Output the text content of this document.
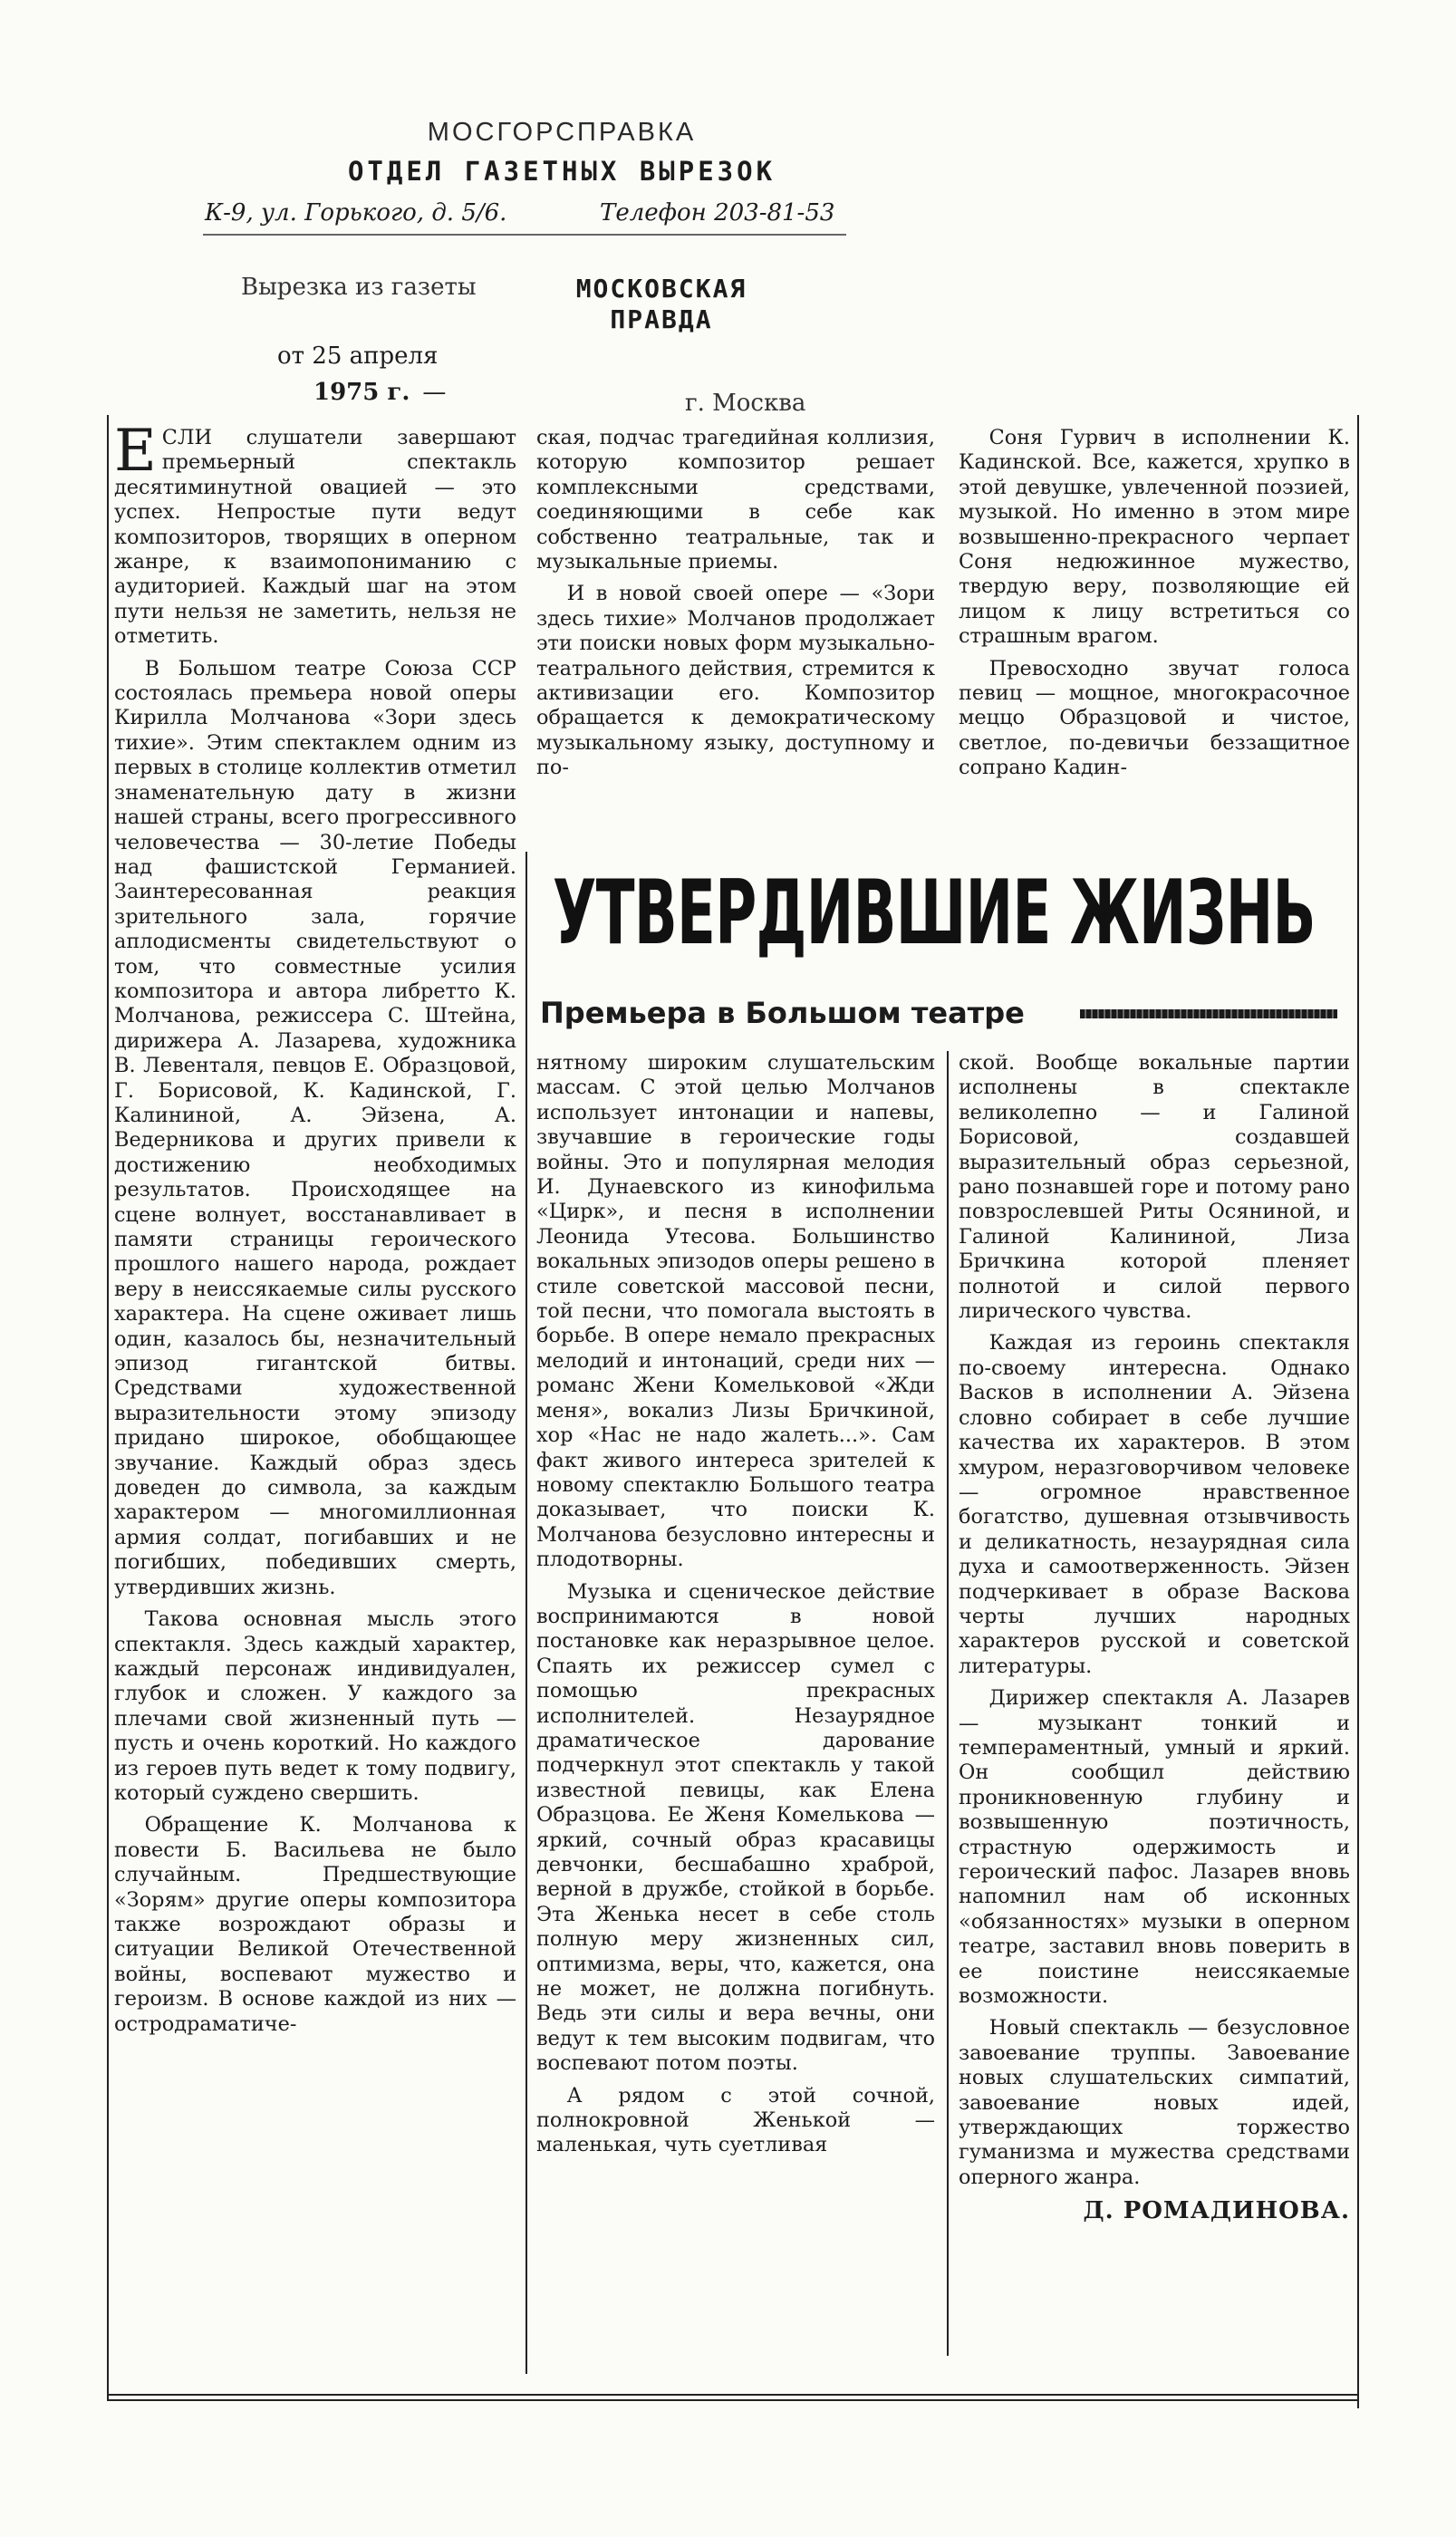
МОСГОРСПРАВКА
ОТДЕЛ ГАЗЕТНЫХ ВЫРЕЗОК
К-9, ул. Горького, д. 5/6.	Телефон 203-81-53
Вырезка из газеты	МОСКОВСКАЯ ПРАВДА
от 25 апреля
1975 г. —	г. Москва

ЕСЛИ слушатели завершают премьерный спектакль десятиминутной овацией — это успех. Непростые пути ведут композиторов, творящих в оперном жанре, к взаимопониманию с аудиторией. Каждый шаг на этом пути нельзя не заметить, нельзя не отметить.

В Большом театре Союза ССР состоялась премьера новой оперы Кирилла Молчанова «Зори здесь тихие». Этим спектаклем одним из первых в столице коллектив отметил знаменательную дату в жизни нашей страны, всего прогрессивного человечества — 30-летие Победы над фашистской Германией. Заинтересованная реакция зрительного зала, горячие аплодисменты свидетельствуют о том, что совместные усилия композитора и автора либретто К. Молчанова, режиссера С. Штейна, дирижера А. Лазарева, художника В. Левенталя, певцов Е. Образцовой, Г. Борисовой, К. Кадинской, Г. Калининой, А. Эйзена, А. Ведерникова и других привели к достижению необходимых результатов. Происходящее на сцене волнует, восстанавливает в памяти страницы героического прошлого нашего народа, рождает веру в неиссякаемые силы русского характера. На сцене оживает лишь один, казалось бы, незначительный эпизод гигантской битвы. Средствами художественной выразительности этому эпизоду придано широкое, обобщающее звучание. Каждый образ здесь доведен до символа, за каждым характером — многомиллионная армия солдат, погибавших и не погибших, победивших смерть, утвердивших жизнь.

Такова основная мысль этого спектакля. Здесь каждый характер, каждый персонаж индивидуален, глубок и сложен. У каждого за плечами свой жизненный путь — пусть и очень короткий. Но каждого из героев путь ведет к тому подвигу, который суждено свершить.

Обращение К. Молчанова к повести Б. Васильева не было случайным. Предшествующие «Зорям» другие оперы композитора также возрождают образы и ситуации Великой Отечественной войны, воспевают мужество и героизм. В основе каждой из них — остродраматиче-

ская, подчас трагедийная коллизия, которую композитор решает комплексными средствами, соединяющими в себе как собственно театральные, так и музыкальные приемы.

И в новой своей опере — «Зори здесь тихие» Молчанов продолжает эти поиски новых форм музыкально-театрального действия, стремится к активизации его. Композитор обращается к демократическому музыкальному языку, доступному и по-

Соня Гурвич в исполнении К. Кадинской. Все, кажется, хрупко в этой девушке, увлеченной поэзией, музыкой. Но именно в этом мире возвышенно-прекрасного черпает Соня недюжинное мужество, твердую веру, позволяющие ей лицом к лицу встретиться со страшным врагом.

Превосходно звучат голоса певиц — мощное, многокрасочное меццо Образцовой и чистое, светлое, по-девичьи беззащитное сопрано Кадин-

УТВЕРДИВШИЕ ЖИЗНЬ
Премьера в Большом театре

нятному широким слушательским массам. С этой целью Молчанов использует интонации и напевы, звучавшие в героические годы войны. Это и популярная мелодия И. Дунаевского из кинофильма «Цирк», и песня в исполнении Леонида Утесова. Большинство вокальных эпизодов оперы решено в стиле советской массовой песни, той песни, что помогала выстоять в борьбе. В опере немало прекрасных мелодий и интонаций, среди них — романс Жени Комельковой «Жди меня», вокализ Лизы Бричкиной, хор «Нас не надо жалеть...». Сам факт живого интереса зрителей к новому спектаклю Большого театра доказывает, что поиски К. Молчанова безусловно интересны и плодотворны.

Музыка и сценическое действие воспринимаются в новой постановке как неразрывное целое. Спаять их режиссер сумел с помощью прекрасных исполнителей. Незаурядное драматическое дарование подчеркнул этот спектакль у такой известной певицы, как Елена Образцова. Ее Женя Комелькова — яркий, сочный образ красавицы девчонки, бесшабашно храброй, верной в дружбе, стойкой в борьбе. Эта Женька несет в себе столь полную меру жизненных сил, оптимизма, веры, что, кажется, она не может, не должна погибнуть. Ведь эти силы и вера вечны, они ведут к тем высоким подвигам, что воспевают потом поэты.

А рядом с этой сочной, полнокровной Женькой — маленькая, чуть суетливая

ской. Вообще вокальные партии исполнены в спектакле великолепно — и Галиной Борисовой, создавшей выразительный образ серьезной, рано познавшей горе и потому рано повзрослевшей Риты Осяниной, и Галиной Калининой, Лиза Бричкина которой пленяет полнотой и силой первого лирического чувства.

Каждая из героинь спектакля по-своему интересна. Однако Васков в исполнении А. Эйзена словно собирает в себе лучшие качества их характеров. В этом хмуром, неразговорчивом человеке — огромное нравственное богатство, душевная отзывчивость и деликатность, незаурядная сила духа и самоотверженность. Эйзен подчеркивает в образе Васкова черты лучших народных характеров русской и советской литературы.

Дирижер спектакля А. Лазарев — музыкант тонкий и темпераментный, умный и яркий. Он сообщил действию проникновенную глубину и возвышенную поэтичность, страстную одержимость и героический пафос. Лазарев вновь напомнил нам об исконных «обязанностях» музыки в оперном театре, заставил вновь поверить в ее поистине неиссякаемые возможности.

Новый спектакль — безусловное завоевание труппы. Завоевание новых слушательских симпатий, завоевание новых идей, утверждающих торжество гуманизма и мужества средствами оперного жанра.

Д. РОМАДИНОВА.
